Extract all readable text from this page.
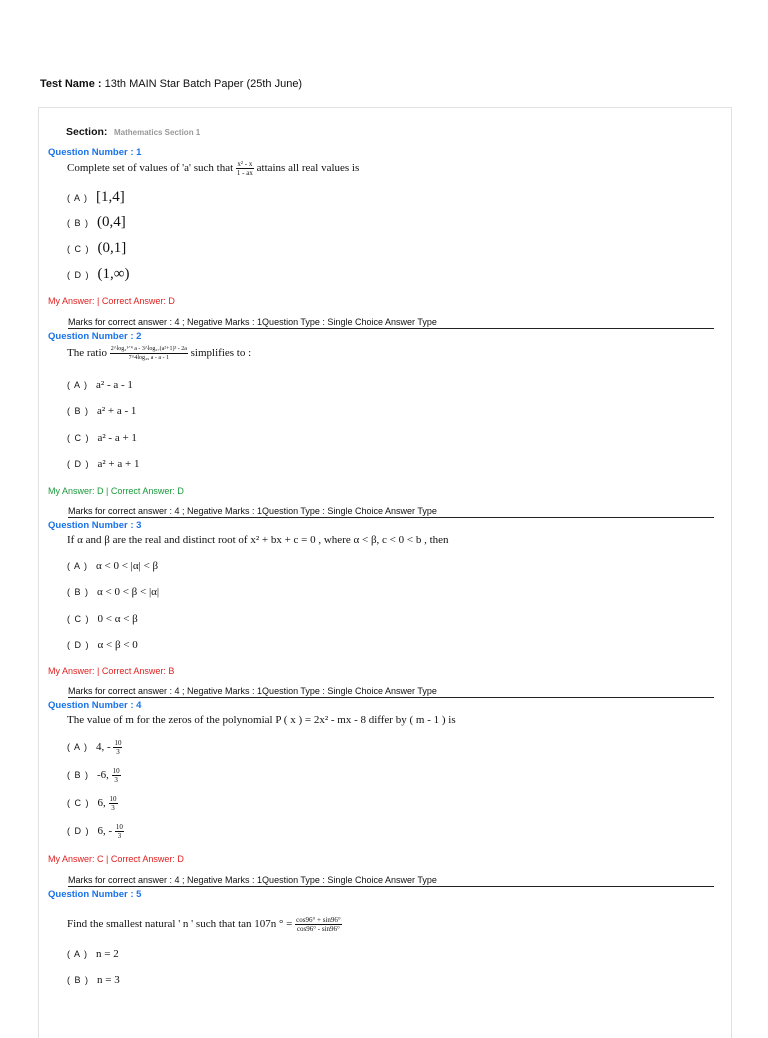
Test Name : 13th MAIN Star Batch Paper (25th June)
Section: Mathematics Section 1
Question Number : 1
Complete set of values of 'a' such that $\frac{\text{x² - x}}{1 - ax}$ attains all real values is
( A ) [1,4]
( B ) (0,4]
( C ) (0,1]
( D ) (1,∞)
My Answer: | Correct Answer: D
Marks for correct answer : 4 ; Negative Marks : 1Question Type : Single Choice Answer Type
Question Number : 2
The ratio $\frac{\text{2\textasciicircum{}log₂¹ᐟ⁴ a - 3\textasciicircum{}log₂₇(a²+1)³ - 2a}}{\text{7\textasciicircum{}4log₄₉ a - a - 1}}$ simplifies to :
( A ) a² - a - 1
( B ) a² + a - 1
( C ) a² - a + 1
( D ) a² + a + 1
My Answer: D | Correct Answer: D
Marks for correct answer : 4 ; Negative Marks : 1Question Type : Single Choice Answer Type
Question Number : 3
If α and β are the real and distinct root of x² + bx + c = 0 , where α < β, c < 0 < b , then
( A ) α < 0 < |α| < β
( B ) α < 0 < β < |α|
( C ) 0 < α < β
( D ) α < β < 0
My Answer: | Correct Answer: B
Marks for correct answer : 4 ; Negative Marks : 1Question Type : Single Choice Answer Type
Question Number : 4
The value of m for the zeros of the polynomial P ( x ) = 2x² - mx - 8 differ by ( m - 1 ) is
( A ) 4, - $\frac{10}{3}$
( B ) -6, $\frac{10}{3}$
( C ) 6, $\frac{10}{3}$
( D ) 6, - $\frac{10}{3}$
My Answer: C | Correct Answer: D
Marks for correct answer : 4 ; Negative Marks : 1Question Type : Single Choice Answer Type
Question Number : 5
Find the smallest natural ' n ' such that tan 107n ° = $\frac{\cos 96^\circ + \sin 96^\circ}{\cos 96^\circ - \sin 96^\circ}$
( A ) n = 2
( B ) n = 3
